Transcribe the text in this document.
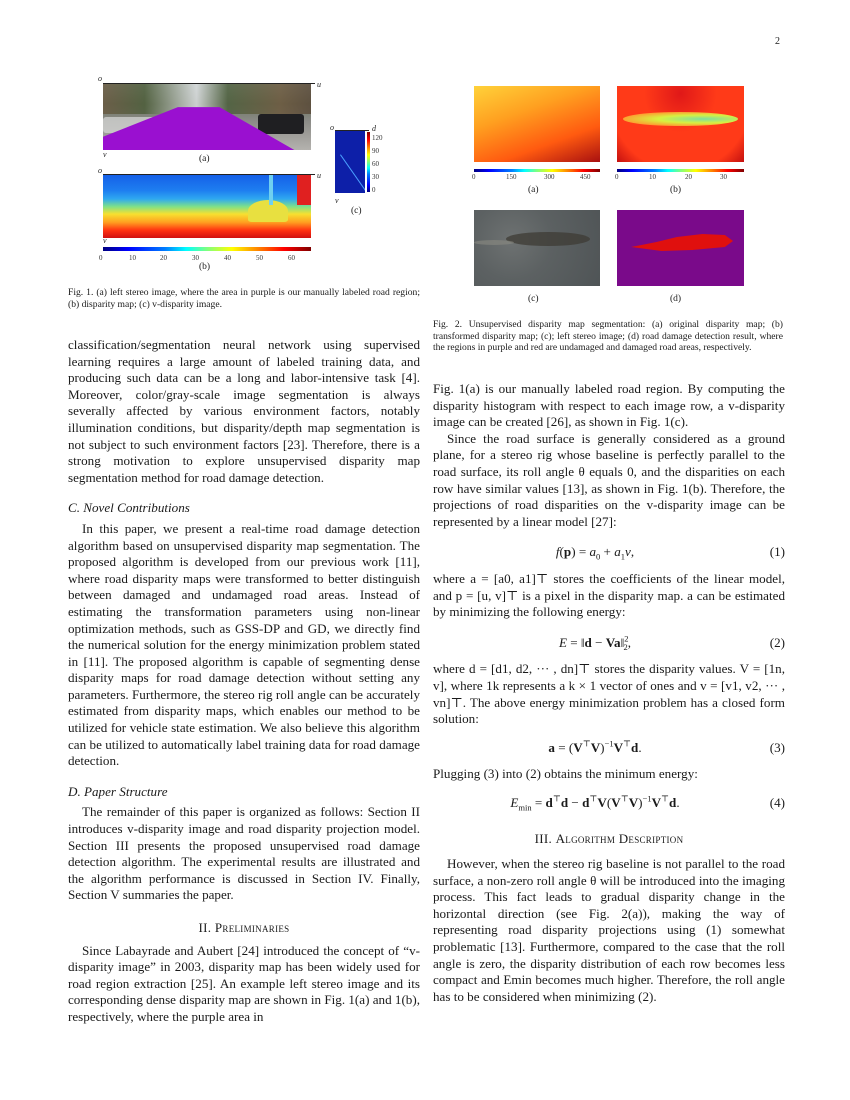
2
o
u
v	(a)
o
u
v
0	10	20	30	40	50	60
(b)
o	d
120
90
60
30
0
v
(c)
Fig. 1. (a) left stereo image, where the area in purple is our manually labeled road region; (b) disparity map; (c) v-disparity image.
0	150	300	450
(a)
0	10	20	30
(b)
(c)	(d)
Fig. 2. Unsupervised disparity map segmentation: (a) original disparity map; (b) transformed disparity map; (c); left stereo image; (d) road damage detection result, where the regions in purple and red are undamaged and damaged road areas, respectively.

classification/segmentation neural network using supervised learning requires a large amount of labeled training data, and producing such data can be a long and labor-intensive task [4]. Moreover, color/gray-scale image segmentation is always severally affected by various environment factors, notably illumination conditions, but disparity/depth map segmentation is not subject to such environment factors [23]. Therefore, there is a strong motivation to explore unsupervised disparity map segmentation method for road damage detection.

C. Novel Contributions

In this paper, we present a real-time road damage detection algorithm based on unsupervised disparity map segmentation. The proposed algorithm is developed from our previous work [11], where road disparity maps were transformed to better distinguish between damaged and undamaged road areas. Instead of estimating the transformation parameters using non-linear optimization methods, such as GSS-DP and GD, we directly find the numerical solution for the energy minimization problem stated in [11]. The proposed algorithm is capable of segmenting dense disparity maps for road damage detection without setting any parameters. Furthermore, the stereo rig roll angle can be accurately estimated from disparity maps, which enables our method to be utilized for vehicle state estimation. We also believe this algorithm can be utilized to automatically label training data for road damage detection.

D. Paper Structure

The remainder of this paper is organized as follows: Section II introduces v-disparity image and road disparity projection model. Section III presents the proposed unsupervised road damage detection algorithm. The experimental results are illustrated and the algorithm performance is discussed in Section IV. Finally, Section V summaries the paper.

II. Preliminaries

Since Labayrade and Aubert [24] introduced the concept of “v-disparity image” in 2003, disparity map has been widely used for road region extraction [25]. An example left stereo image and its corresponding dense disparity map are shown in Fig. 1(a) and 1(b), respectively, where the purple area in

Fig. 1(a) is our manually labeled road region. By computing the disparity histogram with respect to each image row, a v-disparity image can be created [26], as shown in Fig. 1(c).

Since the road surface is generally considered as a ground plane, for a stereo rig whose baseline is perfectly parallel to the road surface, its roll angle θ equals 0, and the disparities on each row have similar values [13], as shown in Fig. 1(b). Therefore, the projections of road disparities on the v-disparity image can be represented by a linear model [27]:

$f(p) = a_0 + a_1v$,	(1)

where a = [a0, a1]⊤ stores the coefficients of the linear model, and p = [u, v]⊤ is a pixel in the disparity map. a can be estimated by minimizing the following energy:

E = ‖d − Va‖$^2_2$,	(2)

where d = [d1, d2, ··· , dn]⊤ stores the disparity values. V = [1n, v], where 1k represents a k × 1 vector of ones and v = [v1, v2, ··· , vn]⊤. The above energy minimization problem has a closed form solution:

$a = (V^⊤V)^{-1}V^⊤d$.	(3)

Plugging (3) into (2) obtains the minimum energy:

$E_{min} = d^⊤d - d^⊤V(V^⊤V)^{-1}V^⊤d$.	(4)
III. Algorithm Description

However, when the stereo rig baseline is not parallel to the road surface, a non-zero roll angle θ will be introduced into the imaging process. This fact leads to gradual disparity change in the horizontal direction (see Fig. 2(a)), making the way of representing road disparity projections using (1) somewhat problematic [13]. Furthermore, compared to the case that the roll angle is zero, the disparity distribution of each row becomes less compact and Emin becomes much higher. Therefore, the roll angle has to be considered when minimizing (2).
